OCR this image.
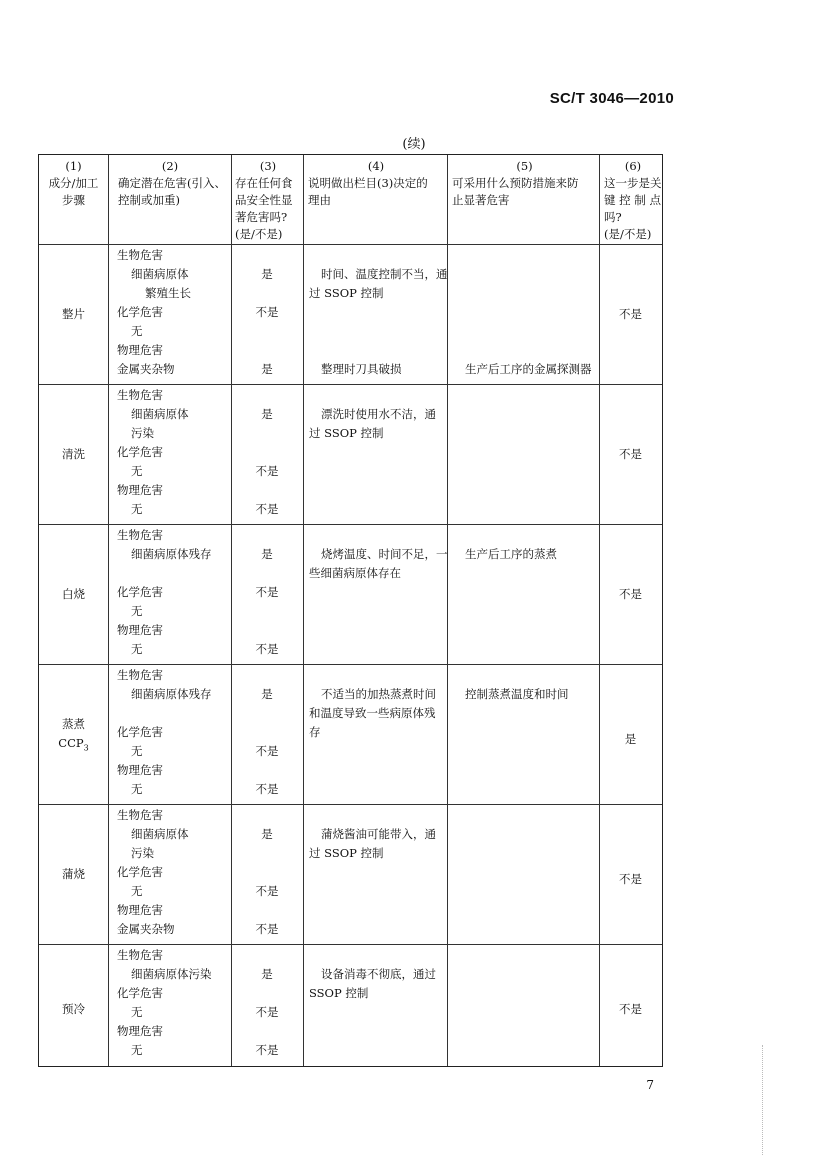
SC/T 3046—2010
(续)
(1)
成分/加工
步骤
(2)
确定潜在危害(引入、
控制或加重)
(3)
存在任何食
品安全性显
著危害吗?
(是/不是)
(4)
说明做出栏目(3)决定的
理由
(5)
可采用什么预防措施来防
止显著危害
(6)
这一步是关
键 控 制 点
吗?
(是/不是)
整片
生物危害
细菌病原体
繁殖生长
化学危害
无
物理危害
金属夹杂物
是
不是
是
时间、温度控制不当，通
过 SSOP 控制
整理时刀具破损	生产后工序的金属探测器
不是
清洗
生物危害
细菌病原体
污染
化学危害
无
物理危害
无
是
不是
不是
漂洗时使用水不洁，通
过 SSOP 控制
不是
白烧
生物危害
细菌病原体残存
化学危害
无
物理危害
无
是
不是
不是
烧烤温度、时间不足，一
些细菌病原体存在
生产后工序的蒸煮
不是
蒸煮
$CCP_3$
生物危害
细菌病原体残存
化学危害
无
物理危害
无
是
不是
不是
不适当的加热蒸煮时间
和温度导致一些病原体残
存
控制蒸煮温度和时间
是
蒲烧
生物危害
细菌病原体
污染
化学危害
无
物理危害
金属夹杂物
是
不是
不是
蒲烧酱油可能带入，通
过 SSOP 控制
不是
预冷
生物危害
细菌病原体污染
化学危害
无
物理危害
无
是
不是
不是
设备消毒不彻底，通过
SSOP 控制
不是
7
